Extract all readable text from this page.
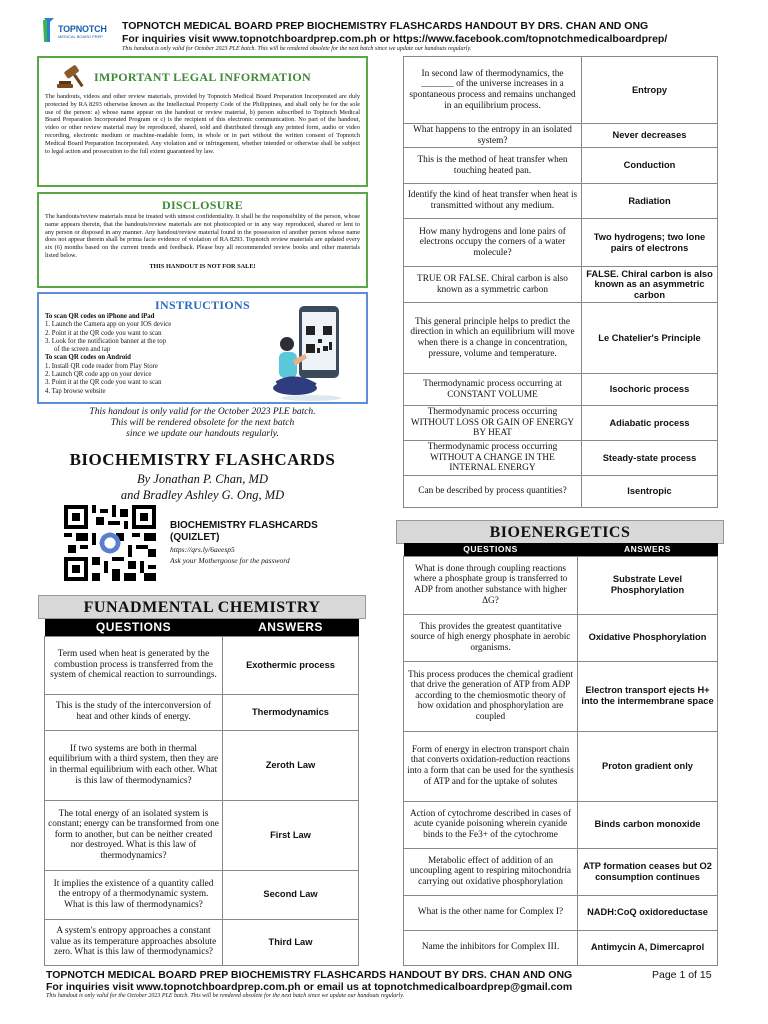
TOPNOTCH
MEDICAL BOARD PREP
TOPNOTCH MEDICAL BOARD PREP BIOCHEMISTRY FLASHCARDS HANDOUT BY DRS. CHAN AND ONG
For inquiries visit www.topnotchboardprep.com.ph or https://www.facebook.com/topnotchmedicalboardprep/
This handout is only valid for October 2023 PLE batch. This will be rendered obsolete for the next batch since we update our handouts regularly.
IMPORTANT LEGAL INFORMATION
The handouts, videos and other review materials, provided by Topnotch Medical Board Preparation Incorporated are duly protected by RA 8293 otherwise known as the Intellectual Property Code of the Philippines, and shall only be for the sole use of the person: a) whose name appear on the handout or review material, b) person subscribed to Toptnoch Medical Board Preparation Incorporated Program or c) is the recipient of this electronic communication. No part of the handout, video or other review material may be reproduced, shared, sold and distributed through any printed form, audio or video recording, electronic medium or machine-readable form, in whole or in part without the written consent of Topnotch Medical Board Preparation Incorporated. Any violation and or infringement, whether intended or otherwise shall be subject to legal action and prosecution to the full extent guaranteed by law.
DISCLOSURE
The handouts/review materials must be treated with utmost confidentiality. It shall be the responsibility of the person, whose name appears therein, that the handouts/review materials are not photocopied or in any way reproduced, shared or lent to any person or disposed in any manner. Any handout/review material found in the possession of another person whose name does not appear therein shall be prima facie evidence of violation of RA 8293. Topnotch review materials are updated every six (6) months based on the current trends and feedback. Please buy all recommended review books and other materials listed below.
THIS HANDOUT IS NOT FOR SALE!
INSTRUCTIONS
To scan QR codes on iPhone and iPad
1. Launch the Camera app on your IOS device
2. Point it at the QR code you want to scan
3. Look for the notification banner at the top
of the screen and tap
To scan QR codes on Android
1. Install QR code reader from Play Store
2. Launch QR code app on your device
3. Point it at the QR code you want to scan
4. Tap browse website
This handout is only valid for the October 2023 PLE batch.
This will be rendered obsolete for the next batch
since we update our handouts regularly.
BIOCHEMISTRY FLASHCARDS
By Jonathan P. Chan, MD
and Bradley Ashley G. Ong, MD
BIOCHEMISTRY FLASHCARDS (QUIZLET)
https://qrs.ly/6aeesp5
Ask your Mothergoose for the password
FUNADMENTAL CHEMISTRY
QUESTIONS	ANSWERS
Term used when heat is generated by the combustion process is transferred from the system of chemical reaction to surroundings.	Exothermic process
This is the study of the interconversion of heat and other kinds of energy.	Thermodynamics
If two systems are both in thermal equilibrium with a third system, then they are in thermal equilibrium with each other. What is this law of thermodynamics?	Zeroth Law
The total energy of an isolated system is constant; energy can be transformed from one form to another, but can be neither created nor destroyed. What is this law of thermodynamics?	First Law
It implies the existence of a quantity called the entropy of a thermodynamic system. What is this law of thermodynamics?	Second Law
A system's entropy approaches a constant value as its temperature approaches absolute zero. What is this law of thermodynamics?	Third Law
In second law of thermodynamics, the _______ of the universe increases in a spontaneous process and remains unchanged in an equilibrium process.	Entropy
What happens to the entropy in an isolated system?	Never decreases
This is the method of heat transfer when touching heated pan.	Conduction
Identify the kind of heat transfer when heat is transmitted without any medium.	Radiation
How many hydrogens and lone pairs of electrons occupy the corners of a water molecule?	Two hydrogens; two lone pairs of electrons
TRUE OR FALSE. Chiral carbon is also known as a symmetric carbon	FALSE. Chiral carbon is also known as an asymmetric carbon
This general principle helps to predict the direction in which an equilibrium will move when there is a change in concentration, pressure, volume and temperature.	Le Chatelier's Principle
Thermodynamic process occurring at CONSTANT VOLUME	Isochoric process
Thermodynamic process occurring WITHOUT LOSS OR GAIN OF ENERGY BY HEAT	Adiabatic process
Thermodynamic process occurring WITHOUT A CHANGE IN THE INTERNAL ENERGY	Steady-state process
Can be described by process quantities?	Isentropic
BIOENERGETICS
QUESTIONS	ANSWERS
What is done through coupling reactions where a phosphate group is transferred to ADP from another substance with higher ΔG?	Substrate Level Phosphorylation
This provides the greatest quantitative source of high energy phosphate in aerobic organisms.	Oxidative Phosphorylation
This process produces the chemical gradient that drive the generation of ATP from ADP according to the chemiosmotic theory of how oxidation and phosphorylation are coupled	Electron transport ejects H+ into the intermembrane space
Form of energy in electron transport chain that converts oxidation-reduction reactions into a form that can be used for the synthesis of ATP and for the uptake of solutes	Proton gradient only
Action of cytochrome described in cases of acute cyanide poisoning wherein cyanide binds to the Fe3+ of the cytochrome	Binds carbon monoxide
Metabolic effect of addition of an uncoupling agent to respiring mitochondria carrying out oxidative phosphorylation	ATP formation ceases but O2 consumption continues
What is the other name for Complex I?	NADH:CoQ oxidoreductase
Name the inhibitors for Complex III.	Antimycin A, Dimercaprol
TOPNOTCH MEDICAL BOARD PREP BIOCHEMISTRY FLASHCARDS HANDOUT BY DRS. CHAN AND ONG
For inquiries visit www.topnotchboardprep.com.ph or email us at topnotchmedicalboardprep@gmail.com
This handout is only valid for the October 2023 PLE batch. This will be rendered obsolete for the next batch since we update our handouts regularly.
Page 1 of 15
